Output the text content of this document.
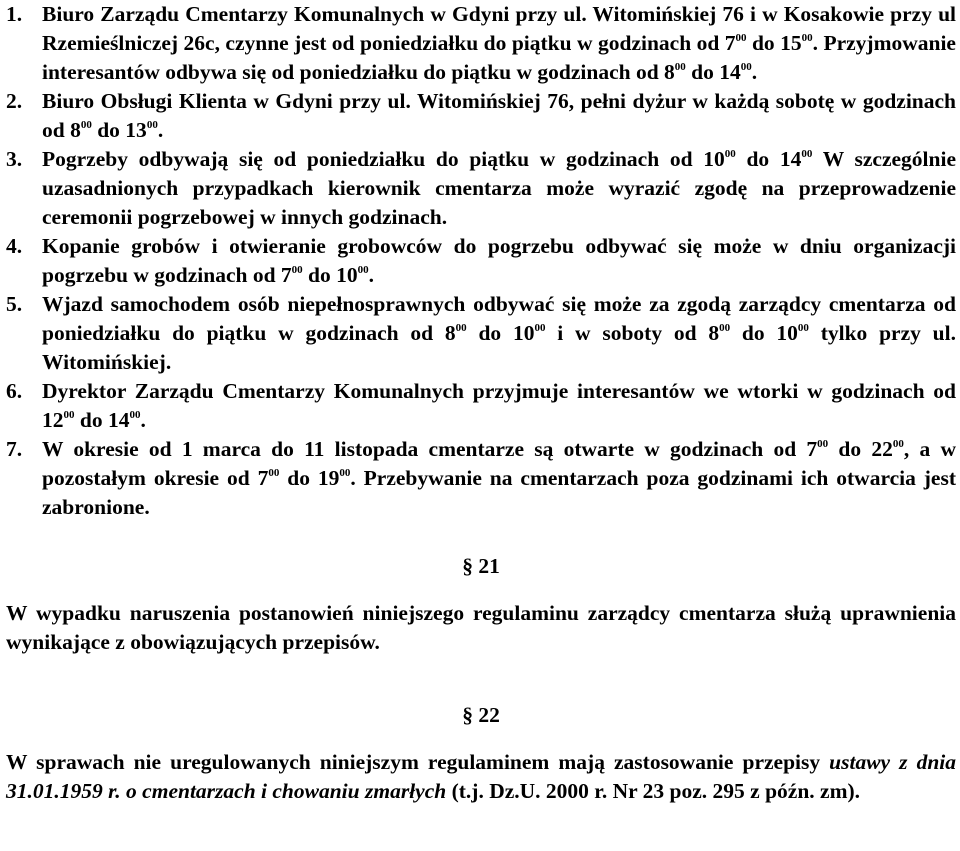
1. Biuro Zarządu Cmentarzy Komunalnych w Gdyni przy ul. Witomińskiej 76 i w Kosakowie przy ul Rzemieślniczej 26c, czynne jest od poniedziałku do piątku w godzinach od $7^{00}$ do $15^{00}$. Przyjmowanie interesantów odbywa się od poniedziałku do piątku w godzinach od $8^{00}$ do $14^{00}$.
2. Biuro Obsługi Klienta w Gdyni przy ul. Witomińskiej 76, pełni dyżur w każdą sobotę w godzinach od $8^{00}$ do $13^{00}$.
3. Pogrzeby odbywają się od poniedziałku do piątku w godzinach od $10^{00}$ do $14^{00}$ W szczególnie uzasadnionych przypadkach kierownik cmentarza może wyrazić zgodę na przeprowadzenie ceremonii pogrzebowej w innych godzinach.
4. Kopanie grobów i otwieranie grobowców do pogrzebu odbywać się może w dniu organizacji pogrzebu w godzinach od $7^{00}$ do $10^{00}$.
5. Wjazd samochodem osób niepełnosprawnych odbywać się może za zgodą zarządcy cmentarza od poniedziałku do piątku w godzinach od $8^{00}$ do $10^{00}$ i w soboty od $8^{00}$ do $10^{00}$ tylko przy ul. Witomińskiej.
6. Dyrektor Zarządu Cmentarzy Komunalnych przyjmuje interesantów we wtorki w godzinach od $12^{00}$ do $14^{00}$.
7. W okresie od 1 marca do 11 listopada cmentarze są otwarte w godzinach od $7^{00}$ do $22^{00}$, a w pozostałym okresie od $7^{00}$ do $19^{00}$. Przebywanie na cmentarzach poza godzinami ich otwarcia jest zabronione.
§ 21

W wypadku naruszenia postanowień niniejszego regulaminu zarządcy cmentarza służą uprawnienia wynikające z obowiązujących przepisów.

§ 22

W sprawach nie uregulowanych niniejszym regulaminem mają zastosowanie przepisy ustawy z dnia 31.01.1959 r. o cmentarzach i chowaniu zmarłych (t.j. Dz.U. 2000 r. Nr 23 poz. 295 z późn. zm).
